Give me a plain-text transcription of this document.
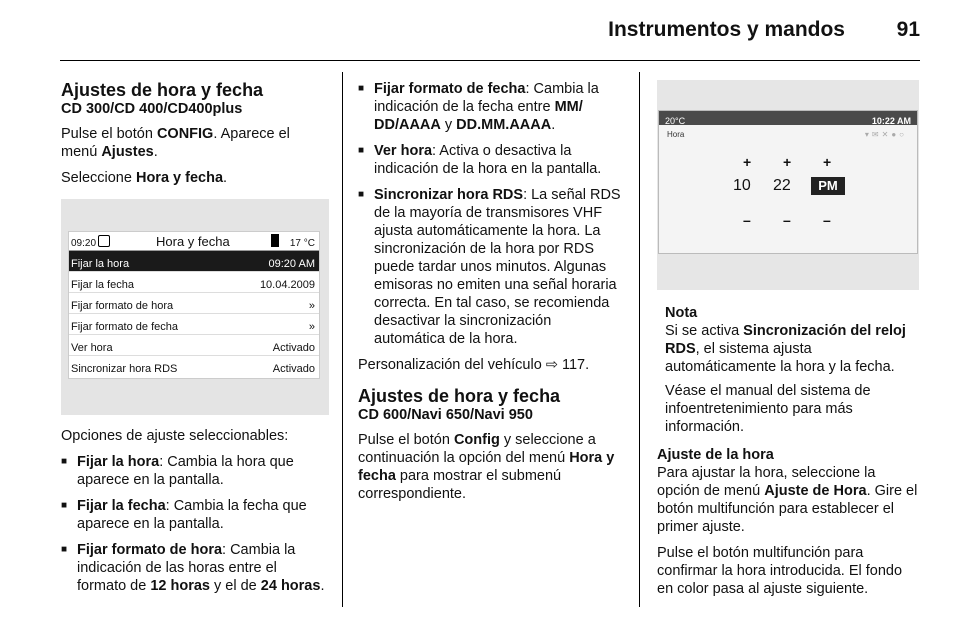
Instrumentos y mandos 91
Ajustes de hora y fecha
CD 300/CD 400/CD400plus

Pulse el botón CONFIG. Aparece el menú Ajustes.

Seleccione Hora y fecha.

09:20	Hora y fecha	17 °C
Fijar la hora	09:20 AM
Fijar la fecha	10.04.2009
Fijar formato de hora	»
Fijar formato de fecha	»
Ver hora	Activado
Sincronizar hora RDS	Activado

Opciones de ajuste seleccionables:

■ Fijar la hora: Cambia la hora que aparece en la pantalla.
■ Fijar la fecha: Cambia la fecha que aparece en la pantalla.
■ Fijar formato de hora: Cambia la indicación de las horas entre el formato de 12 horas y el de 24 horas.
■ Fijar formato de fecha: Cambia la indicación de la fecha entre MM/ DD/AAAA y DD.MM.AAAA.
■ Ver hora: Activa o desactiva la indicación de la hora en la pantalla.
■ Sincronizar hora RDS: La señal RDS de la mayoría de transmisores VHF ajusta automáticamente la hora. La sincronización de la hora por RDS puede tardar unos minutos. Algunas emisoras no emiten una señal horaria correcta. En tal caso, se recomienda desactivar la sincronización automática de la hora.

Personalización del vehículo ⇨ 117.

Ajustes de hora y fecha
CD 600/Navi 650/Navi 950

Pulse el botón Config y seleccione a continuación la opción del menú Hora y fecha para mostrar el submenú correspondiente.

20°C	10:22 AM
Hora	▾✉✕●○
+ + +
10 22	PM
– – –
Nota

Si se activa Sincronización del reloj RDS, el sistema ajusta automáticamente la hora y la fecha.

Véase el manual del sistema de infoentretenimiento para más información.

Ajuste de la hora

Para ajustar la hora, seleccione la opción de menú Ajuste de Hora. Gire el botón multifunción para establecer el primer ajuste.

Pulse el botón multifunción para confirmar la hora introducida. El fondo en color pasa al ajuste siguiente.
